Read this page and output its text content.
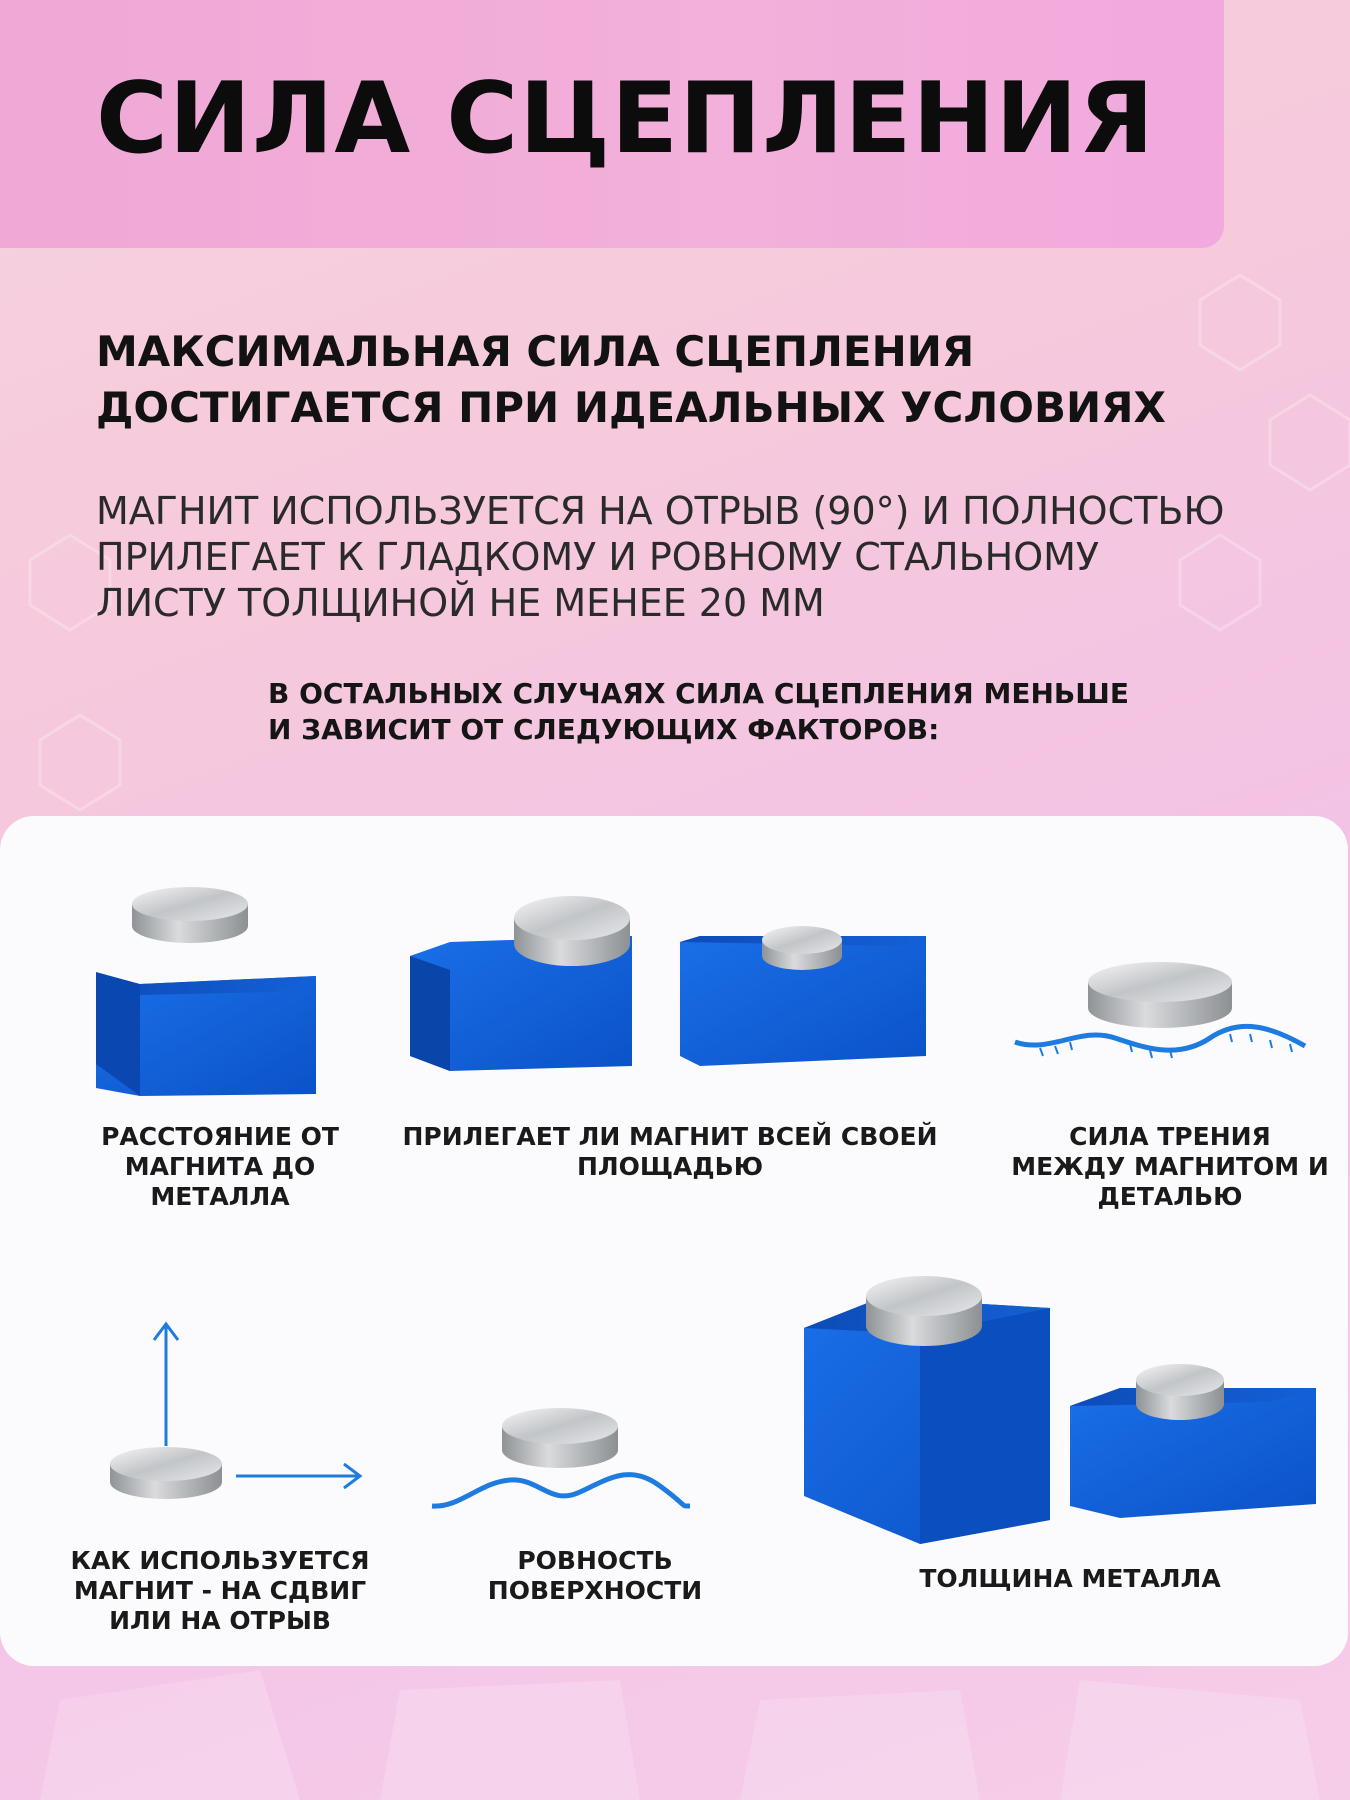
СИЛА СЦЕПЛЕНИЯ
МАКСИМАЛЬНАЯ СИЛА СЦЕПЛЕНИЯ
ДОСТИГАЕТСЯ ПРИ ИДЕАЛЬНЫХ УСЛОВИЯХ
МАГНИТ ИСПОЛЬЗУЕТСЯ НА ОТРЫВ (90°) И ПОЛНОСТЬЮ
ПРИЛЕГАЕТ К ГЛАДКОМУ И РОВНОМУ СТАЛЬНОМУ
ЛИСТУ ТОЛЩИНОЙ НЕ МЕНЕЕ 20 ММ
В ОСТАЛЬНЫХ СЛУЧАЯХ СИЛА СЦЕПЛЕНИЯ МЕНЬШЕ
И ЗАВИСИТ ОТ СЛЕДУЮЩИХ ФАКТОРОВ:
РАССТОЯНИЕ ОТ
МАГНИТА ДО
МЕТАЛЛА
ПРИЛЕГАЕТ ЛИ МАГНИТ ВСЕЙ СВОЕЙ
ПЛОЩАДЬЮ
СИЛА ТРЕНИЯ
МЕЖДУ МАГНИТОМ И
ДЕТАЛЬЮ
КАК ИСПОЛЬЗУЕТСЯ
МАГНИТ - НА СДВИГ
ИЛИ НА ОТРЫВ
РОВНОСТЬ
ПОВЕРХНОСТИ	ТОЛЩИНА МЕТАЛЛА
